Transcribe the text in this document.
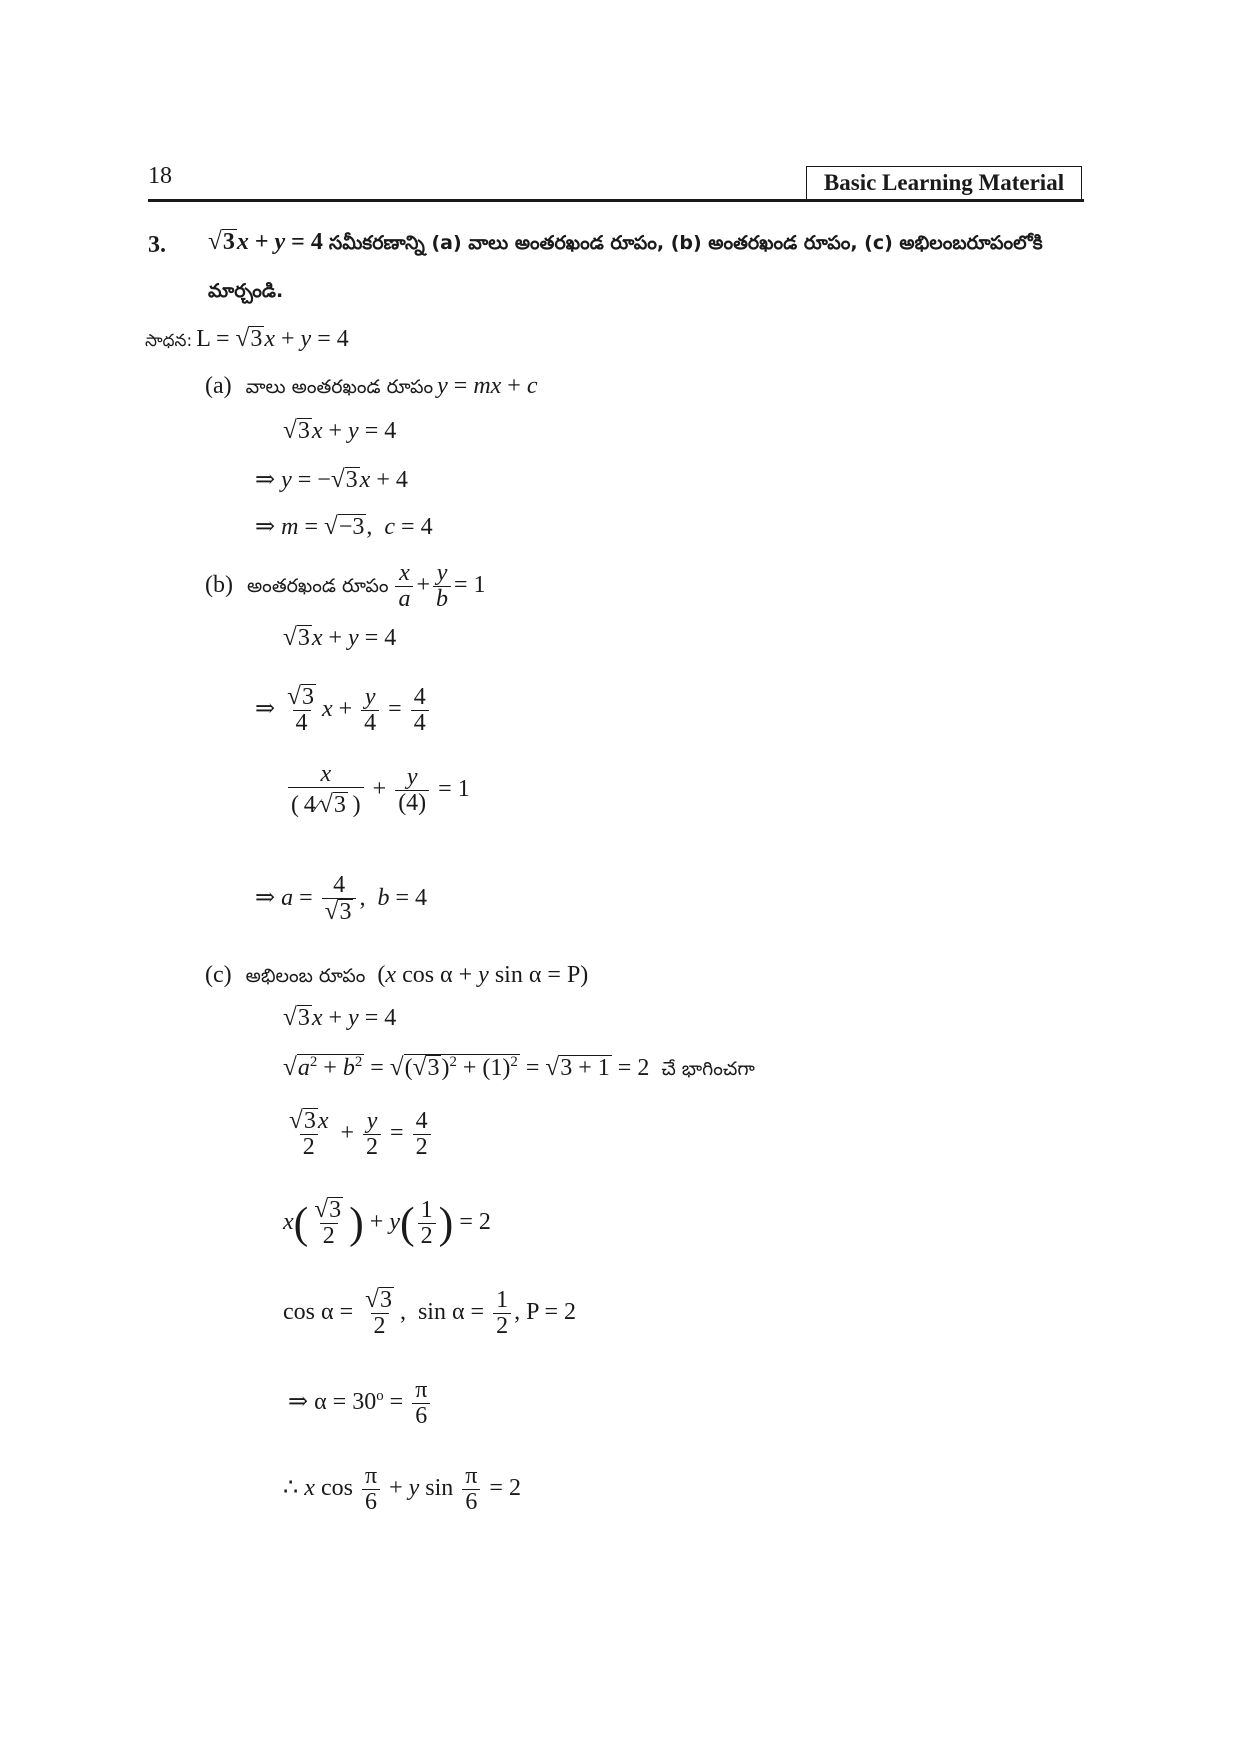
18	Basic Learning Material
3. √3x + y = 4 సమీకరణాన్ని (a) వాలు అంతరఖండ రూపం, (b) అంతరఖండ రూపం, (c) అభిలంబరూపంలోకి
మార్చండి.
సాధన: L = √3x + y = 4
(a) వాలు అంతరఖండ రూపం y = mx + c
√3x + y = 4
⇒ y = −√3x + 4
⇒ m = √−3,  c = 4
(b) అంతరఖండ రూపం $\frac{x}{a} + \frac{y}{b} = 1$
√3x + y = 4
⇒ $\frac{√3}{4}$ $x + \frac{y}{4} = \frac{4}{4}$
$\frac{x}{( 4⁄√3 )} + \frac{y}{(4)} = 1$
⇒ $a = \frac{4}{√3}$ ,  b = 4
(c) అభిలంబ రూపం (x cos α + y sin α = P)
√3x + y = 4
$√a^2 + b^2 = √(√3)^2 + (1)^2 = √3 + 1 = 2$ చే భాగించగా
$\frac{√3x}{2} + \frac{y}{2} = \frac{4}{2}$
$x( \frac{√3}{2}$ ) + $y( \frac{1}{2}$ ) = 2
$\cos \alpha = \frac{√3}{2}$ ,  $\sin \alpha = \frac{1}{2}$ , P = 2
⇒ $\alpha = 30^o = \frac{\pi}{6}$
∴ x $\cos \frac{\pi}{6} + y$ $\sin \frac{\pi}{6} = 2$
